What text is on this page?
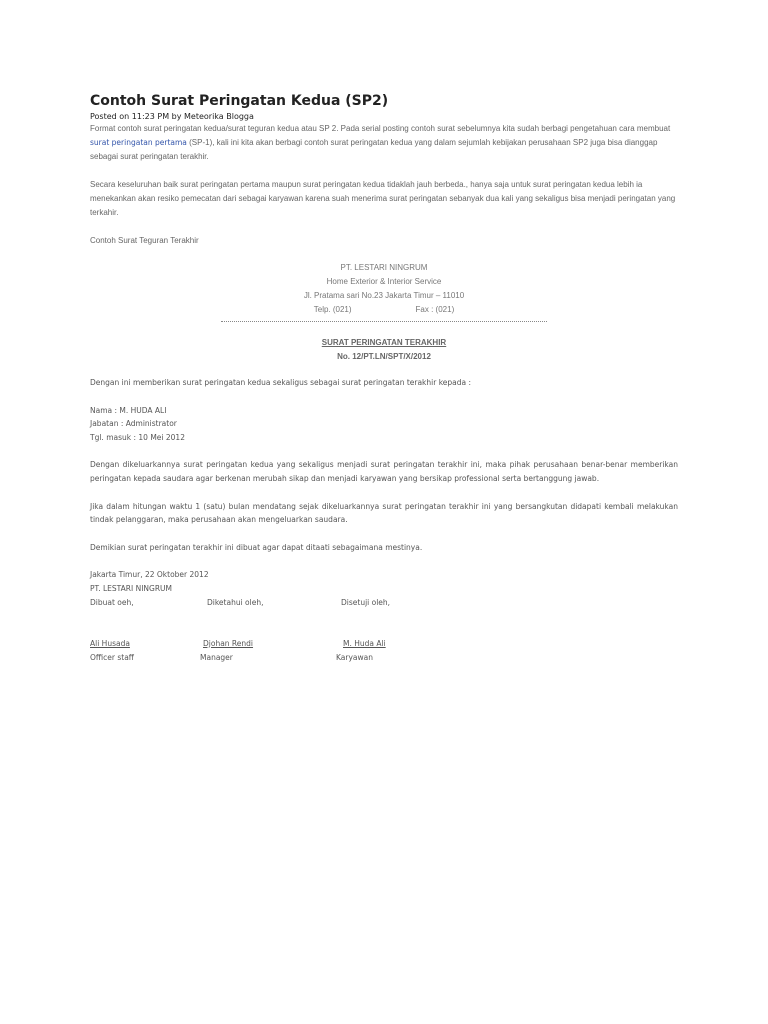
Contoh Surat Peringatan Kedua (SP2)
Posted on 11:23 PM by Meteorika Blogga

Format contoh surat peringatan kedua/surat teguran kedua atau SP 2. Pada serial posting contoh surat sebelumnya kita sudah berbagi pengetahuan cara membuat surat peringatan pertama (SP-1), kali ini kita akan berbagi contoh surat peringatan kedua yang dalam sejumlah kebijakan perusahaan SP2 juga bisa dianggap sebagai surat peringatan terakhir.

Secara keseluruhan baik surat peringatan pertama maupun surat peringatan kedua tidaklah jauh berbeda., hanya saja untuk surat peringatan kedua lebih ia menekankan akan resiko pemecatan dari sebagai karyawan karena suah menerima surat peringatan sebanyak dua kali yang sekaligus bisa menjadi peringatan yang terkahir.

Contoh Surat Teguran Terakhir

PT. LESTARI NINGRUM
Home Exterior & Interior Service
Jl. Pratama sari No.23 Jakarta Timur – 11010
Telp. (021)	Fax : (021)
SURAT PERINGATAN TERAKHIR
No. 12/PT.LN/SPT/X/2012

Dengan ini memberikan surat peringatan kedua sekaligus sebagai surat peringatan terakhir kepada :

Nama : M. HUDA ALI

Jabatan : Administrator

Tgl. masuk : 10 Mei 2012

Dengan dikeluarkannya surat peringatan kedua yang sekaligus menjadi surat peringatan terakhir ini, maka pihak perusahaan benar-benar memberikan peringatan kepada saudara agar berkenan merubah sikap dan menjadi karyawan yang bersikap professional serta bertanggung jawab.

Jika dalam hitungan waktu 1 (satu) bulan mendatang sejak dikeluarkannya surat peringatan terakhir ini yang bersangkutan didapati kembali melakukan tindak pelanggaran, maka perusahaan akan mengeluarkan saudara.

Demikian surat peringatan terakhir ini dibuat agar dapat ditaati sebagaimana mestinya.

Jakarta Timur, 22 Oktober 2012

PT. LESTARI NINGRUM

Dibuat oeh,	Diketahui oleh,	Disetuji oleh,
Ali Husada	Djohan Rendi	M. Huda Ali
Officer staff	Manager	Karyawan
